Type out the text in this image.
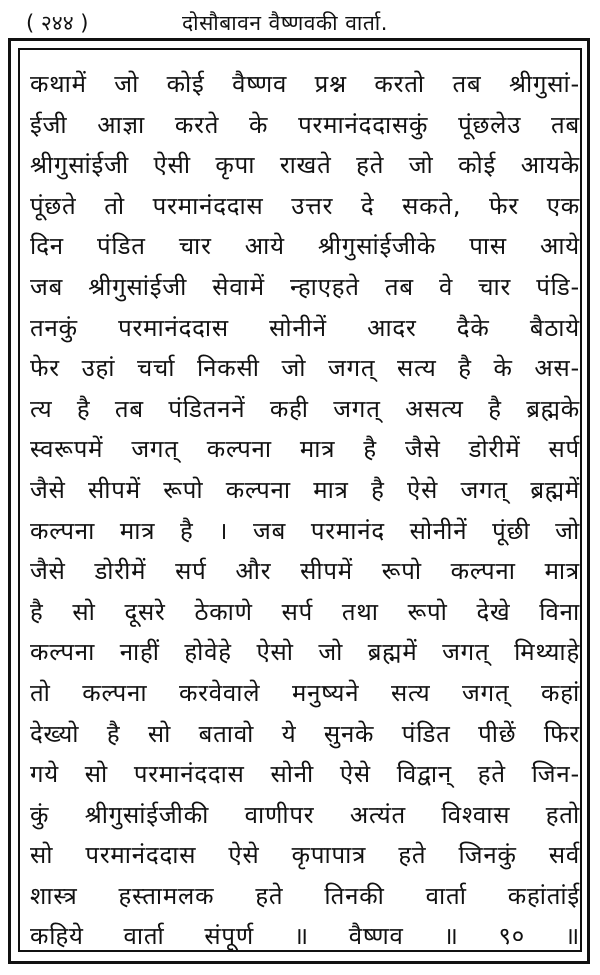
( २४४ )	दोसौबावन वैष्णवकी वार्ता.
कथामें जो कोई वैष्णव प्रश्न करतो तब श्रीगुसां-
ईजी आज्ञा करते के परमानंददासकुं पूंछलेउ तब
श्रीगुसांईजी ऐसी कृपा राखते हते जो कोई आयके
पूंछते तो परमानंददास उत्तर दे सकते, फेर एक
दिन पंडित चार आये श्रीगुसांईजीके पास आये
जब श्रीगुसांईजी सेवामें न्हाएहते तब वे चार पंडि-
तनकुं परमानंददास सोनीनें आदर दैके बैठाये
फेर उहां चर्चा निकसी जो जगत् सत्य है के अस-
त्य है तब पंडितननें कही जगत् असत्य है ब्रह्मके
स्वरूपमें जगत् कल्पना मात्र है जैसे डोरीमें सर्प
जैसे सीपमें रूपो कल्पना मात्र है ऐसे जगत् ब्रह्ममें
कल्पना मात्र है । जब परमानंद सोनीनें पूंछी जो
जैसे डोरीमें सर्प और सीपमें रूपो कल्पना मात्र
है सो दूसरे ठेकाणे सर्प तथा रूपो देखे विना
कल्पना नाहीं होवेहे ऐसो जो ब्रह्ममें जगत् मिथ्याहे
तो कल्पना करवेवाले मनुष्यने सत्य जगत् कहां
देख्यो है सो बतावो ये सुनके पंडित पीछें फिर
गये सो परमानंददास सोनी ऐसे विद्वान् हते जिन-
कुं श्रीगुसांईजीकी वाणीपर अत्यंत विश्वास हतो
सो परमानंददास ऐसे कृपापात्र हते जिनकुं सर्व
शास्त्र हस्तामलक हते तिनकी वार्ता कहांतांई
कहिये वार्ता संपूर्ण ॥ वैष्णव ॥ ९० ॥
